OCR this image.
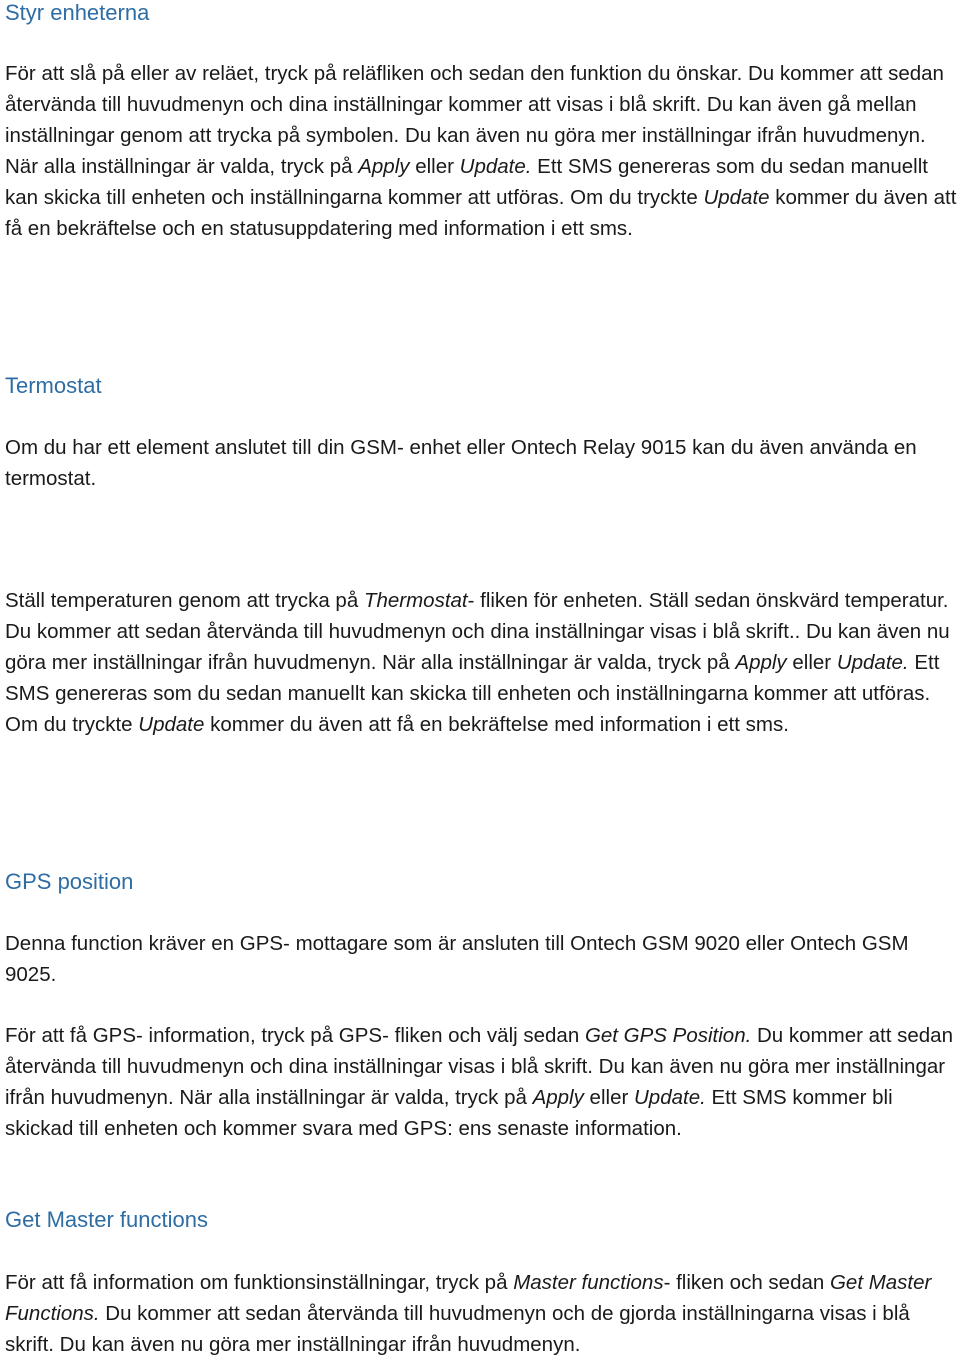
Styr enheterna

För att slå på eller av reläet, tryck på reläfliken och sedan den funktion du önskar. Du kommer att sedan återvända till huvudmenyn och dina inställningar kommer att visas i blå skrift. Du kan även gå mellan inställningar genom att trycka på symbolen. Du kan även nu göra mer inställningar ifrån huvudmenyn. När alla inställningar är valda, tryck på Apply eller Update. Ett SMS genereras som du sedan manuellt kan skicka till enheten och inställningarna kommer att utföras. Om du tryckte Update kommer du även att få en bekräftelse och en statusuppdatering med information i ett sms.

Termostat

Om du har ett element anslutet till din GSM- enhet eller Ontech Relay 9015 kan du även använda en termostat.

Ställ temperaturen genom att trycka på Thermostat- fliken för enheten. Ställ sedan önskvärd temperatur. Du kommer att sedan återvända till huvudmenyn och dina inställningar visas i blå skrift.. Du kan även nu göra mer inställningar ifrån huvudmenyn. När alla inställningar är valda, tryck på Apply eller Update. Ett SMS genereras som du sedan manuellt kan skicka till enheten och inställningarna kommer att utföras. Om du tryckte Update kommer du även att få en bekräftelse med information i ett sms.

GPS position

Denna function kräver en GPS- mottagare som är ansluten till Ontech GSM 9020 eller Ontech GSM 9025.

För att få GPS- information, tryck på GPS- fliken och välj sedan Get GPS Position. Du kommer att sedan återvända till huvudmenyn och dina inställningar visas i blå skrift. Du kan även nu göra mer inställningar ifrån huvudmenyn. När alla inställningar är valda, tryck på Apply eller Update. Ett SMS kommer bli skickad till enheten och kommer svara med GPS: ens senaste information.

Get Master functions

För att få information om funktionsinställningar, tryck på Master functions- fliken och sedan Get Master Functions. Du kommer att sedan återvända till huvudmenyn och de gjorda inställningarna visas i blå skrift. Du kan även nu göra mer inställningar ifrån huvudmenyn.
